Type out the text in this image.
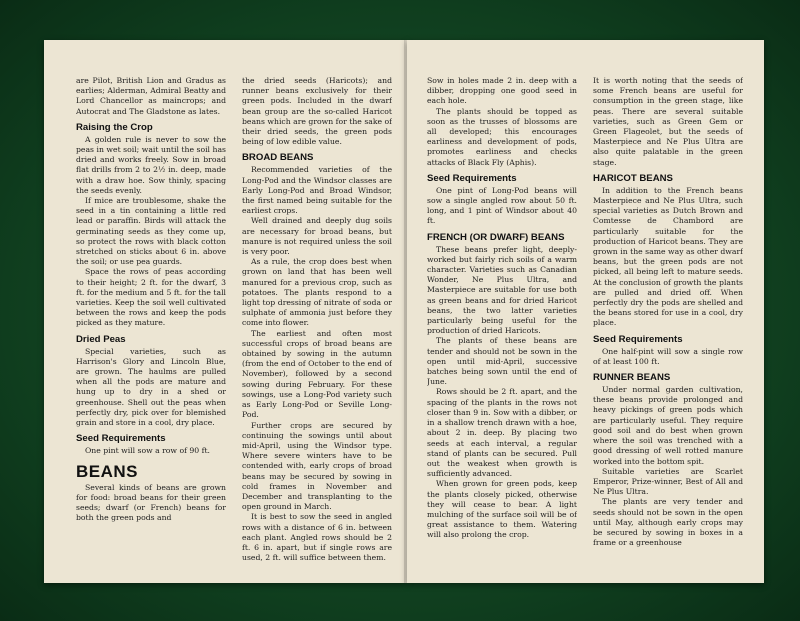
are Pilot, British Lion and Gradus as earlies; Alderman, Admiral Beatty and Lord Chancellor as maincrops; and Autocrat and The Gladstone as lates.

Raising the Crop

A golden rule is never to sow the peas in wet soil; wait until the soil has dried and works freely. Sow in broad flat drills from 2 to 2½ in. deep, made with a draw hoe. Sow thinly, spacing the seeds evenly.

If mice are troublesome, shake the seed in a tin containing a little red lead or paraffin. Birds will attack the germinating seeds as they come up, so protect the rows with black cotton stretched on sticks about 6 in. above the soil; or use pea guards.

Space the rows of peas according to their height; 2 ft. for the dwarf, 3 ft. for the medium and 5 ft. for the tall varieties. Keep the soil well cultivated between the rows and keep the pods picked as they mature.

Dried Peas

Special varieties, such as Harrison's Glory and Lincoln Blue, are grown. The haulms are pulled when all the pods are mature and hung up to dry in a shed or greenhouse. Shell out the peas when perfectly dry, pick over for blemished grain and store in a cool, dry place.

Seed Requirements

One pint will sow a row of 90 ft.

BEANS

Several kinds of beans are grown for food: broad beans for their green seeds; dwarf (or French) beans for both the green pods and

the dried seeds (Haricots); and runner beans exclusively for their green pods. Included in the dwarf bean group are the so-called Haricot beans which are grown for the sake of their dried seeds, the green pods being of low edible value.

BROAD BEANS

Recommended varieties of the Long-Pod and the Windsor classes are Early Long-Pod and Broad Windsor, the first named being suitable for the earliest crops.

Well drained and deeply dug soils are necessary for broad beans, but manure is not required unless the soil is very poor.

As a rule, the crop does best when grown on land that has been well manured for a previous crop, such as potatoes. The plants respond to a light top dressing of nitrate of soda or sulphate of ammonia just before they come into flower.

The earliest and often most successful crops of broad beans are obtained by sowing in the autumn (from the end of October to the end of November), followed by a second sowing during February. For these sowings, use a Long-Pod variety such as Early Long-Pod or Seville Long-Pod.

Further crops are secured by continuing the sowings until about mid-April, using the Windsor type. Where severe winters have to be contended with, early crops of broad beans may be secured by sowing in cold frames in November and December and transplanting to the open ground in March.

It is best to sow the seed in angled rows with a distance of 6 in. between each plant. Angled rows should be 2 ft. 6 in. apart, but if single rows are used, 2 ft. will suffice between them.

Sow in holes made 2 in. deep with a dibber, dropping one good seed in each hole.

The plants should be topped as soon as the trusses of blossoms are all developed; this encourages earliness and development of pods, promotes earliness and checks attacks of Black Fly (Aphis).

Seed Requirements

One pint of Long-Pod beans will sow a single angled row about 50 ft. long, and 1 pint of Windsor about 40 ft.

FRENCH (OR DWARF) BEANS

These beans prefer light, deeply-worked but fairly rich soils of a warm character. Varieties such as Canadian Wonder, Ne Plus Ultra, and Masterpiece are suitable for use both as green beans and for dried Haricot beans, the two latter varieties particularly being useful for the production of dried Haricots.

The plants of these beans are tender and should not be sown in the open until mid-April, successive batches being sown until the end of June.

Rows should be 2 ft. apart, and the spacing of the plants in the rows not closer than 9 in. Sow with a dibber, or in a shallow trench drawn with a hoe, about 2 in. deep. By placing two seeds at each interval, a regular stand of plants can be secured. Pull out the weakest when growth is sufficiently advanced.

When grown for green pods, keep the plants closely picked, otherwise they will cease to bear. A light mulching of the surface soil will be of great assistance to them. Watering will also prolong the crop.

It is worth noting that the seeds of some French beans are useful for consumption in the green stage, like peas. There are several suitable varieties, such as Green Gem or Green Flageolet, but the seeds of Masterpiece and Ne Plus Ultra are also quite palatable in the green stage.

HARICOT BEANS

In addition to the French beans Masterpiece and Ne Plus Ultra, such special varieties as Dutch Brown and Comtesse de Chambord are particularly suitable for the production of Haricot beans. They are grown in the same way as other dwarf beans, but the green pods are not picked, all being left to mature seeds. At the conclusion of growth the plants are pulled and dried off. When perfectly dry the pods are shelled and the beans stored for use in a cool, dry place.

Seed Requirements

One half-pint will sow a single row of at least 100 ft.

RUNNER BEANS

Under normal garden cultivation, these beans provide prolonged and heavy pickings of green pods which are particularly useful. They require good soil and do best when grown where the soil was trenched with a good dressing of well rotted manure worked into the bottom spit.

Suitable varieties are Scarlet Emperor, Prize-winner, Best of All and Ne Plus Ultra.

The plants are very tender and seeds should not be sown in the open until May, although early crops may be secured by sowing in boxes in a frame or a greenhouse
